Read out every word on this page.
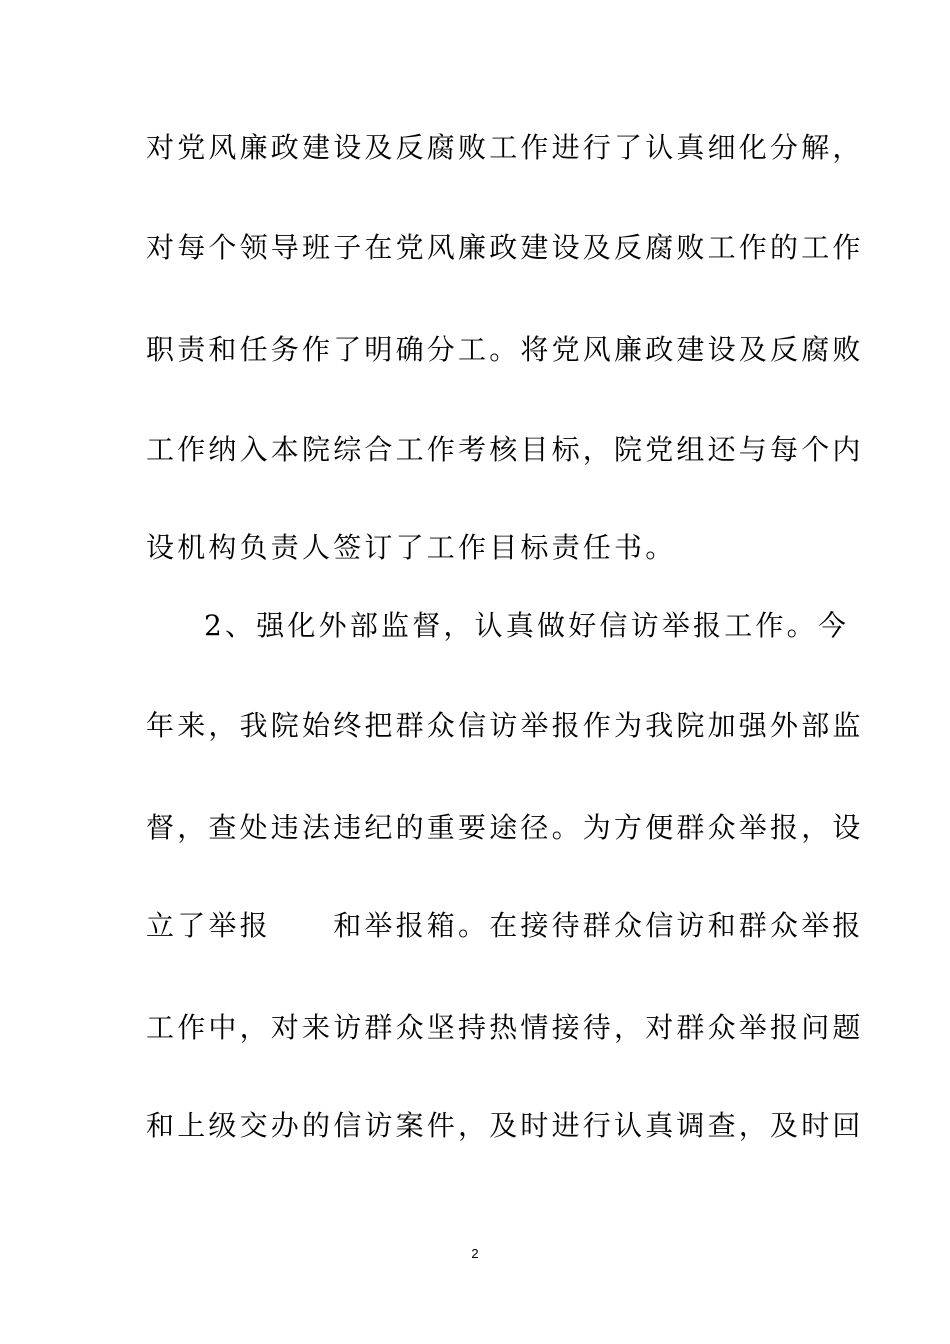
对党风廉政建设及反腐败工作进行了认真细化分解，
对每个领导班子在党风廉政建设及反腐败工作的工作
职责和任务作了明确分工。将党风廉政建设及反腐败
工作纳入本院综合工作考核目标，院党组还与每个内
设机构负责人签订了工作目标责任书。
2、强化外部监督，认真做好信访举报工作。今
年来，我院始终把群众信访举报作为我院加强外部监
督，查处违法违纪的重要途径。为方便群众举报，设
立了举报　　和举报箱。在接待群众信访和群众举报
工作中，对来访群众坚持热情接待，对群众举报问题
和上级交办的信访案件，及时进行认真调查，及时回
2
